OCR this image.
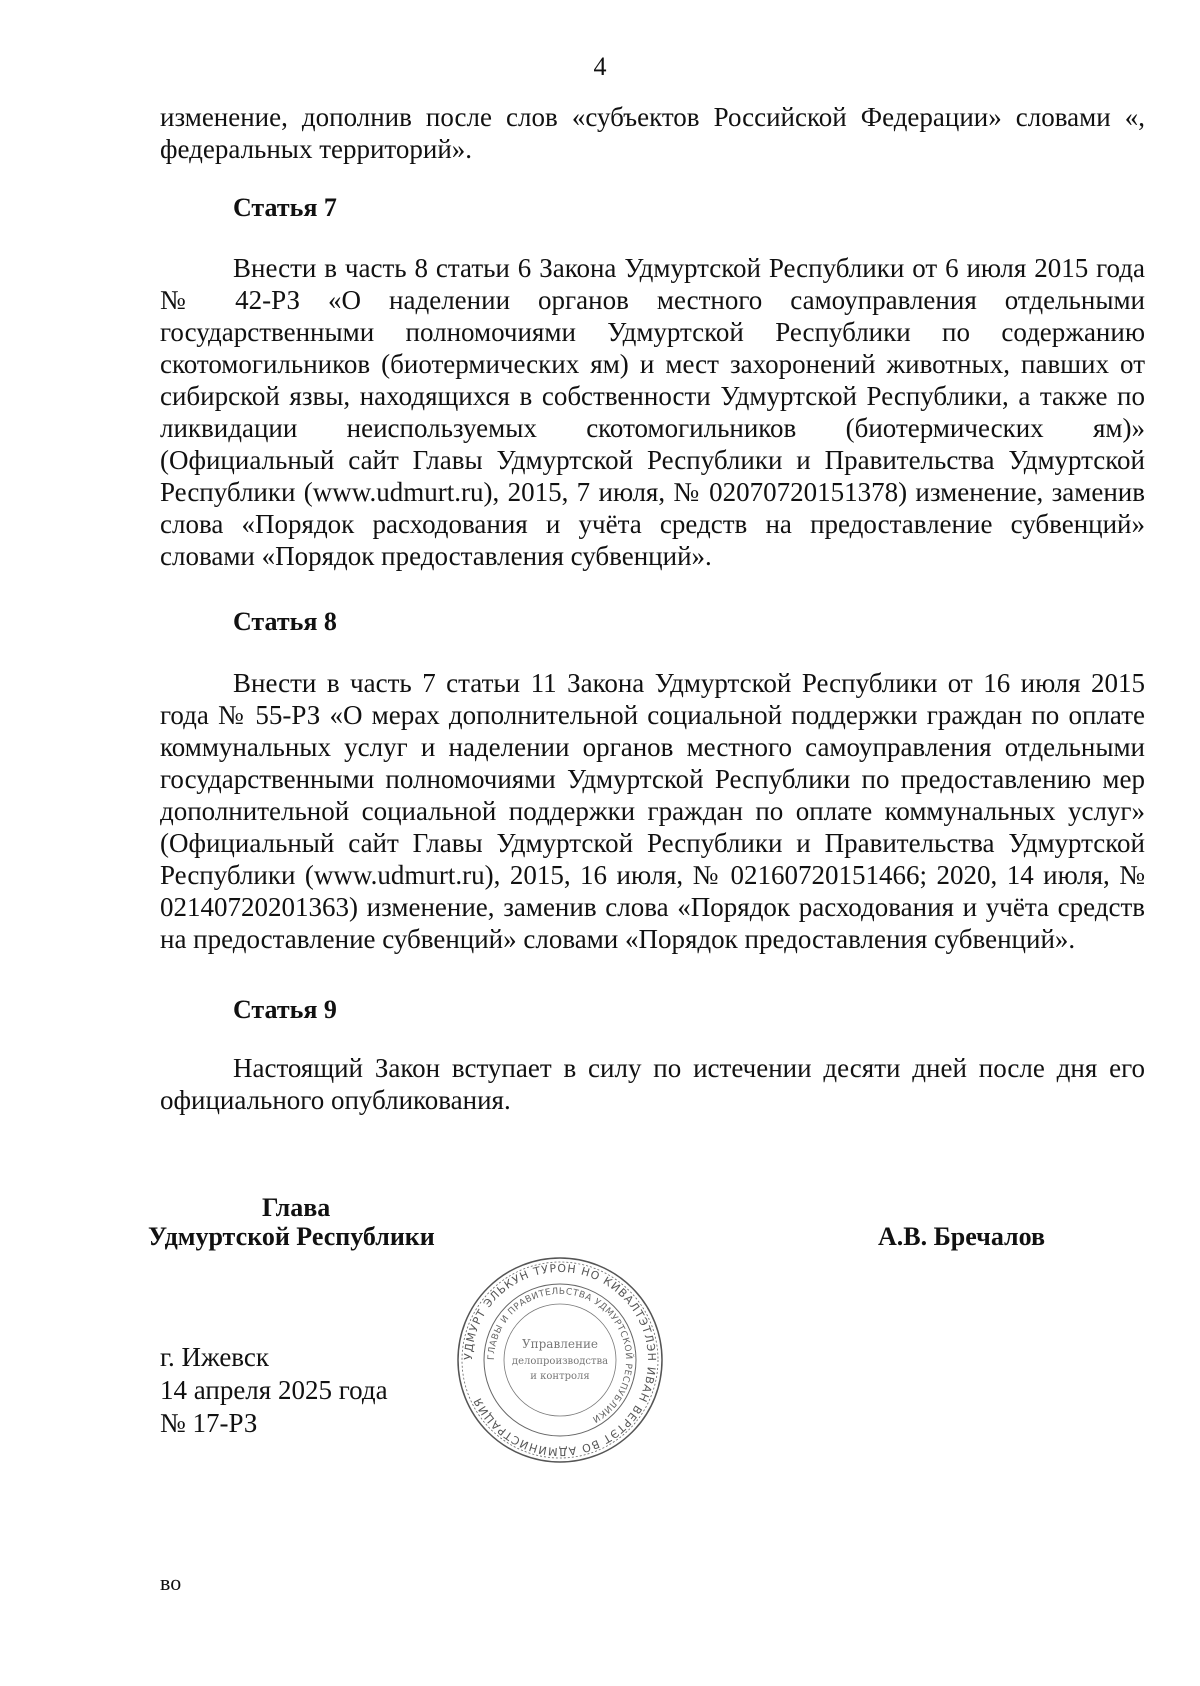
4

изменение, дополнив после слов «субъектов Российской Федерации» словами «, федеральных территорий».

Статья 7

Внести в часть 8 статьи 6 Закона Удмуртской Республики от 6 июля 2015 года № 42-РЗ «О наделении органов местного самоуправления отдельными государственными полномочиями Удмуртской Республики по содержанию скотомогильников (биотермических ям) и мест захоронений животных, павших от сибирской язвы, находящихся в собственности Удмуртской Республики, а также по ликвидации неиспользуемых скотомогильников (биотермических ям)» (Официальный сайт Главы Удмуртской Республики и Правительства Удмуртской Республики (www.udmurt.ru), 2015, 7 июля, № 02070720151378) изменение, заменив слова «Порядок расходования и учёта средств на предоставление субвенций» словами «Порядок предоставления субвенций».

Статья 8

Внести в часть 7 статьи 11 Закона Удмуртской Республики от 16 июля 2015 года № 55-РЗ «О мерах дополнительной социальной поддержки граждан по оплате коммунальных услуг и наделении органов местного самоуправления отдельными государственными полномочиями Удмуртской Республики по предоставлению мер дополнительной социальной поддержки граждан по оплате коммунальных услуг» (Официальный сайт Главы Удмуртской Республики и Правительства Удмуртской Республики (www.udmurt.ru), 2015, 16 июля, № 02160720151466; 2020, 14 июля, № 02140720201363) изменение, заменив слова «Порядок расходования и учёта средств на предоставление субвенций» словами «Порядок предоставления субвенций».

Статья 9

Настоящий Закон вступает в силу по истечении десяти дней после дня его официального опубликования.

Глава
Удмуртской Республики	А.В. Бречалов
УДМУРТ ЭЛЬКУН ТУРОН НО КИВАЛТЭТЛЭН ИВАН ВЕРТЭТ ВО АДМИНИСТРАЦИЯ
ГЛАВЫ И ПРАВИТЕЛЬСТВА УДМУРТСКОЙ РЕСПУБЛИКИ
Управление
делопроизводства
и контроля
г. Ижевск
14 апреля 2025 года
№ 17-РЗ
во
